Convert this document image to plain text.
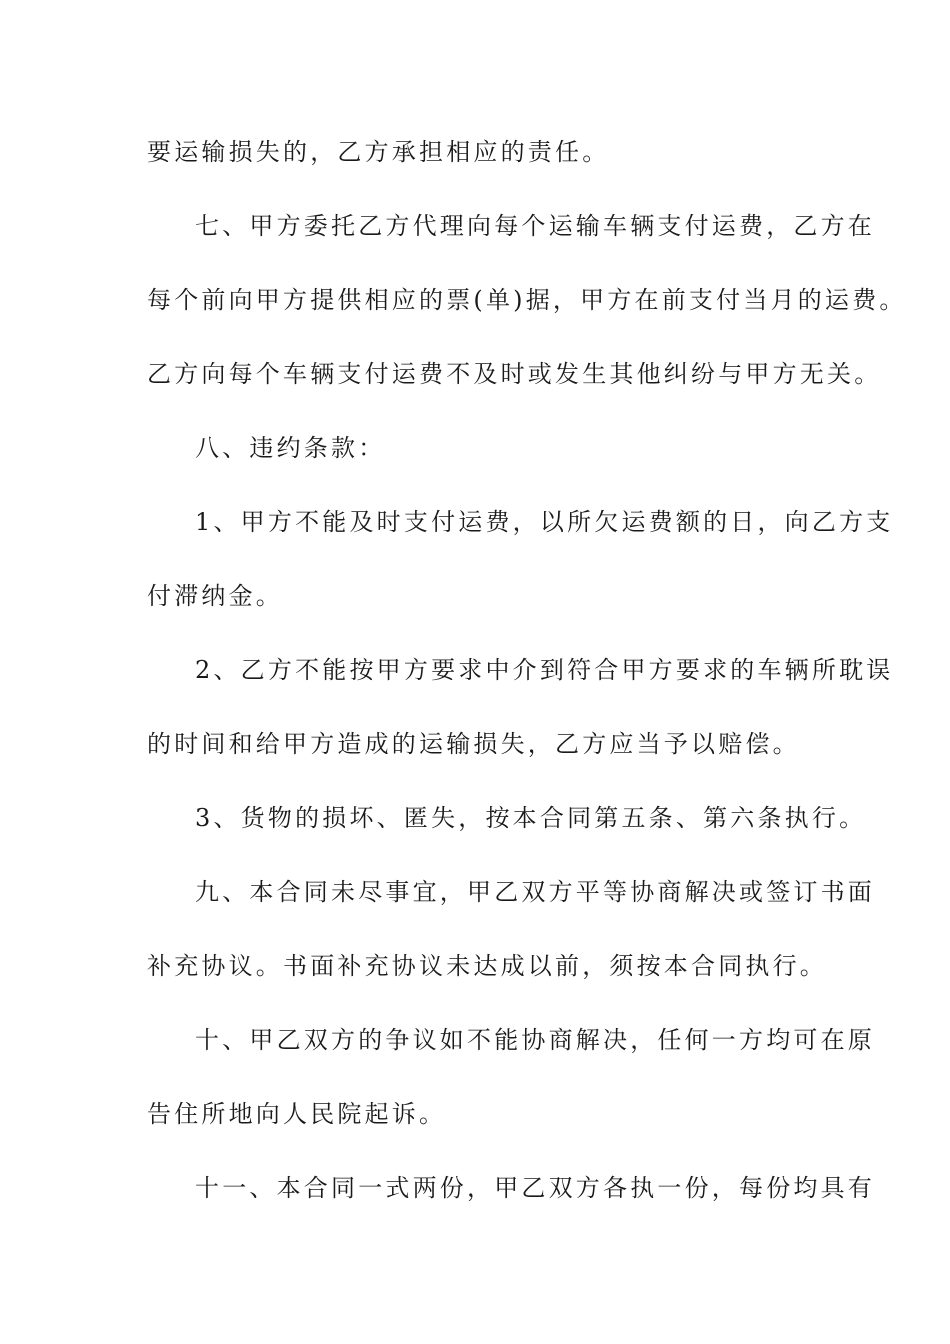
要运输损失的，乙方承担相应的责任。
七、甲方委托乙方代理向每个运输车辆支付运费，乙方在
每个前向甲方提供相应的票(单)据，甲方在前支付当月的运费。
乙方向每个车辆支付运费不及时或发生其他纠纷与甲方无关。
八、违约条款：
1、甲方不能及时支付运费，以所欠运费额的日，向乙方支
付滞纳金。
2、乙方不能按甲方要求中介到符合甲方要求的车辆所耽误
的时间和给甲方造成的运输损失，乙方应当予以赔偿。
3、货物的损坏、匿失，按本合同第五条、第六条执行。
九、本合同未尽事宜，甲乙双方平等协商解决或签订书面
补充协议。书面补充协议未达成以前，须按本合同执行。
十、甲乙双方的争议如不能协商解决，任何一方均可在原
告住所地向人民院起诉。
十一、本合同一式两份，甲乙双方各执一份，每份均具有
